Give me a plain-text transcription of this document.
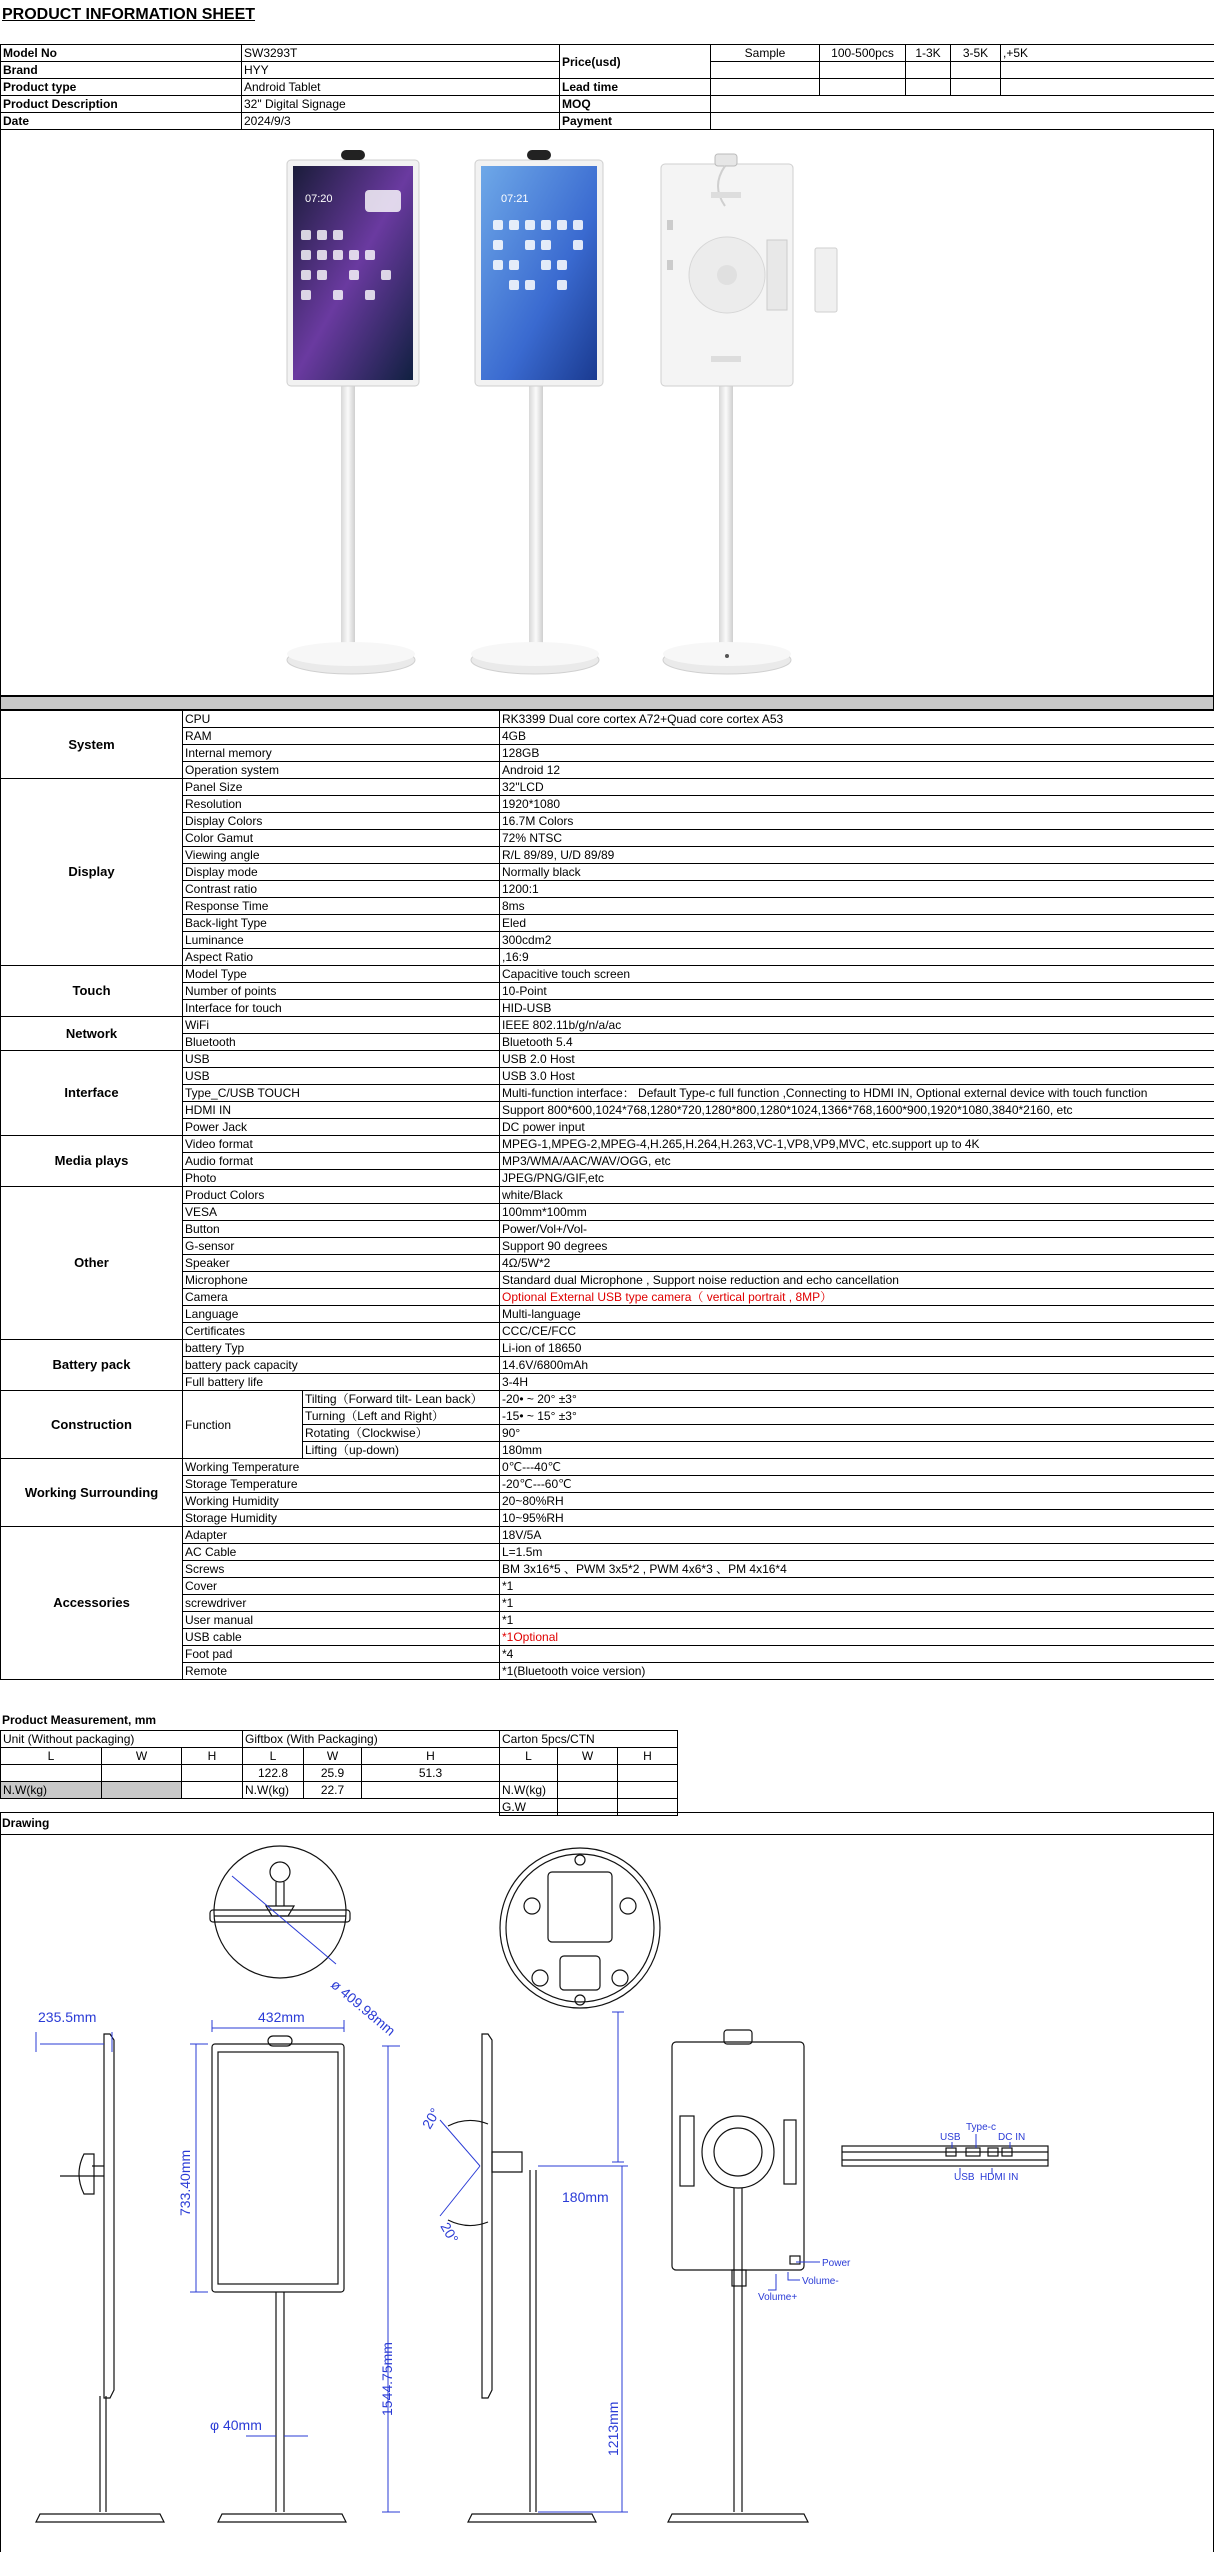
PRODUCT INFORMATION SHEET
Model No	SW3293T	Price(usd)	Sample	100-500pcs	1-3K	3-5K	,+5K
Brand	HYY						
Product type	Android Tablet	Lead time					
Product Description	32" Digital Signage	MOQ					
Date	2024/9/3	Payment					
07:20	07:21
System	CPU		RK3399 Dual core cortex A72+Quad core cortex A53
	RAM		4GB
	Internal memory		128GB
	Operation system		Android 12
Display	Panel Size		32"LCD
	Resolution		1920*1080
	Display Colors		16.7M Colors
	Color Gamut		72% NTSC
	Viewing angle		R/L 89/89, U/D 89/89
	Display mode		Normally black
	Contrast ratio		1200:1
	Response Time		8ms
	Back-light Type		Eled
	Luminance		300cdm2
	Aspect Ratio		,16:9
Touch	Model Type		Capacitive touch screen
	Number of points		10-Point
	Interface for touch		HID-USB
Network	WiFi		IEEE 802.11b/g/n/a/ac
	Bluetooth		Bluetooth 5.4
Interface	USB		USB 2.0 Host
	USB		USB 3.0 Host
	Type_C/USB TOUCH		Multi-function interface： Default Type-c full function ,Connecting to HDMI IN, Optional external device with touch function
	HDMI IN		Support 800*600,1024*768,1280*720,1280*800,1280*1024,1366*768,1600*900,1920*1080,3840*2160, etc
	Power Jack		DC power input
Media plays	Video format		MPEG-1,MPEG-2,MPEG-4,H.265,H.264,H.263,VC-1,VP8,VP9,MVC, etc.support up to 4K
	Audio format		MP3/WMA/AAC/WAV/OGG, etc
	Photo		JPEG/PNG/GIF,etc
Other	Product Colors		white/Black
	VESA		100mm*100mm
	Button		Power/Vol+/Vol-
	G-sensor		Support 90 degrees
	Speaker		4Ω/5W*2
	Microphone		Standard dual Microphone , Support noise reduction and echo cancellation
	Camera		Optional External USB type camera（ vertical portrait , 8MP）
	Language		Multi-language
	Certificates		CCC/CE/FCC
Battery pack	battery Typ		Li-ion of 18650
	battery pack capacity		14.6V/6800mAh
	Full battery life		3-4H
Construction	Function	Tilting（Forward tilt- Lean back）	-20• ~ 20° ±3°
		Turning（Left and Right）	-15• ~ 15° ±3°
		Rotating（Clockwise）	90°
		Lifting（up-down)	180mm
Working Surrounding	Working Temperature		0℃---40℃
	Storage Temperature		-20℃---60℃
	Working Humidity		20~80%RH
	Storage Humidity		10~95%RH
Accessories	Adapter		18V/5A
	AC Cable		L=1.5m
	Screws		BM 3x16*5 、PWM 3x5*2 , PWM 4x6*3 、PM 4x16*4
	Cover		*1
	screwdriver		*1
	User manual		*1
	USB cable		*1Optional
	Foot pad		*4
	Remote		*1(Bluetooth voice version)
Product Measurement, mm
Unit (Without packaging)			Giftbox (With Packaging)			Carton 5pcs/CTN		
L	W	H	L	W	H	L	W	H
			122.8	25.9	51.3			
N.W(kg)			N.W(kg)	22.7		N.W(kg)		
						G.W		
Drawing
ø 409.98mm
235.5mm	432mm
733.40mm
1544.75mm
φ 40mm
20°
20°
180mm
1213mm
USB
Type-c
DC IN
USB HDMI IN
Power
Volume-
Volume+
